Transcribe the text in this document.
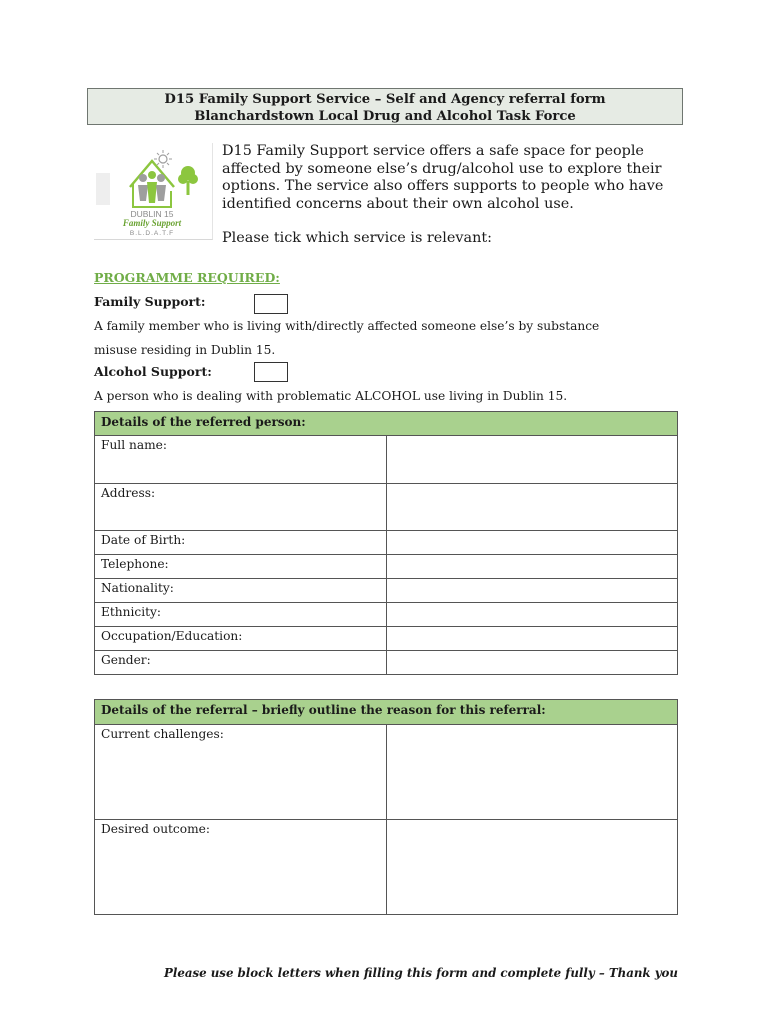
D15 Family Support Service – Self and Agency referral form
Blanchardstown Local Drug and Alcohol Task Force
DUBLIN 15
Family Support
B.L.D.A.T.F

D15 Family Support service offers a safe space for people affected by someone else’s drug/alcohol use to explore their options. The service also offers supports to people who have identified concerns about their own alcohol use.

Please tick which service is relevant:

PROGRAMME REQUIRED:
Family Support:
A family member who is living with/directly affected someone else’s by substance
misuse residing in Dublin 15.
Alcohol Support:
A person who is dealing with problematic ALCOHOL use living in Dublin 15.
Details of the referred person:	
Full name:	
Address:	
Date of Birth:	
Telephone:	
Nationality:	
Ethnicity:	
Occupation/Education:	
Gender:	
Details of the referral – briefly outline the reason for this referral:	
Current challenges:	
Desired outcome:	
Please use block letters when filling this form and complete fully – Thank you
